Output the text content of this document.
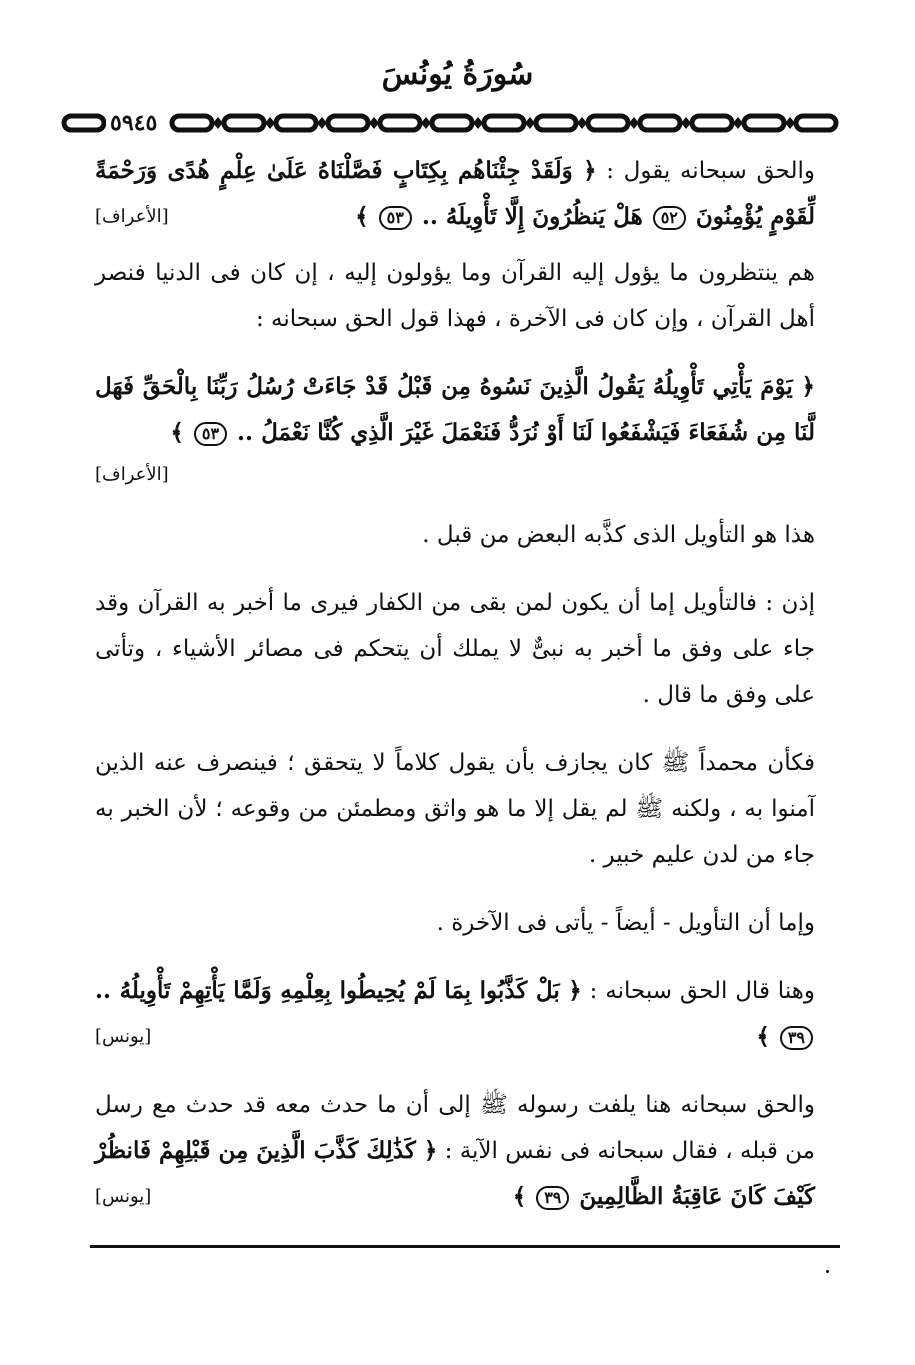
سُورَةُ يُونُسَ
٥٩٤٥

والحق سبحانه يقول : ﴿ وَلَقَدْ جِئْنَاهُم بِكِتَابٍ فَصَّلْنَاهُ عَلَىٰ عِلْمٍ هُدًى وَرَحْمَةً لِّقَوْمٍ يُؤْمِنُونَ ٥٢ هَلْ يَنظُرُونَ إِلَّا تَأْوِيلَهُ .. ٥٣ ﴾
[الأعراف]

هم ينتظرون ما يؤول إليه القرآن وما يؤولون إليه ، إن كان فى الدنيا فنصر أهل القرآن ، وإن كان فى الآخرة ، فهذا قول الحق سبحانه :

﴿ يَوْمَ يَأْتِي تَأْوِيلُهُ يَقُولُ الَّذِينَ نَسُوهُ مِن قَبْلُ قَدْ جَاءَتْ رُسُلُ رَبِّنَا بِالْحَقِّ فَهَل لَّنَا مِن شُفَعَاءَ فَيَشْفَعُوا لَنَا أَوْ نُرَدُّ فَنَعْمَلَ غَيْرَ الَّذِي كُنَّا نَعْمَلُ .. ٥٣ ﴾

[الأعراف]

هذا هو التأويل الذى كذَّبه البعض من قبل .

إذن : فالتأويل إما أن يكون لمن بقى من الكفار فيرى ما أخبر به القرآن وقد جاء على وفق ما أخبر به نبىٌّ لا يملك أن يتحكم فى مصائر الأشياء ، وتأتى على وفق ما قال .

فكأن محمداً ﷺ كان يجازف بأن يقول كلاماً لا يتحقق ؛ فينصرف عنه الذين آمنوا به ، ولكنه ﷺ لم يقل إلا ما هو واثق ومطمئن من وقوعه ؛ لأن الخبر به جاء من لدن عليم خبير .

وإما أن التأويل - أيضاً - يأتى فى الآخرة .

وهنا قال الحق سبحانه : ﴿ بَلْ كَذَّبُوا بِمَا لَمْ يُحِيطُوا بِعِلْمِهِ وَلَمَّا يَأْتِهِمْ تَأْوِيلُهُ .. ٣٩ ﴾
[يونس]

والحق سبحانه هنا يلفت رسوله ﷺ إلى أن ما حدث معه قد حدث مع رسل من قبله ، فقال سبحانه فى نفس الآية : ﴿ كَذَٰلِكَ كَذَّبَ الَّذِينَ مِن قَبْلِهِمْ فَانظُرْ كَيْفَ كَانَ عَاقِبَةُ الظَّالِمِينَ ٣٩ ﴾
[يونس]
